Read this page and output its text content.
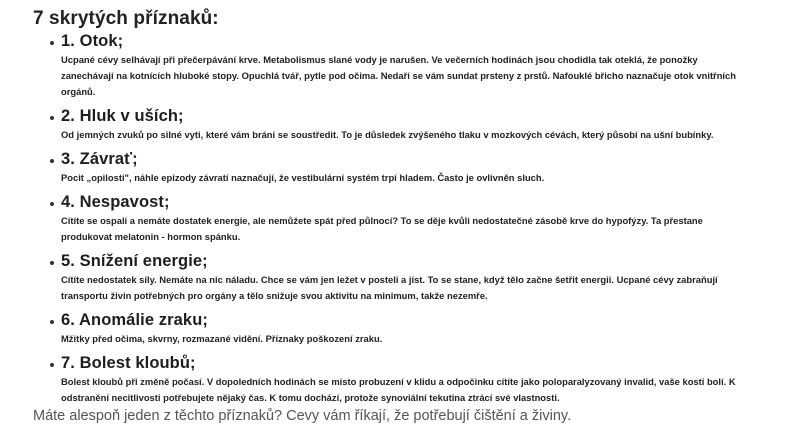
7 skrytých příznaků:
1. Otok;
Ucpané cévy selhávají při přečerpávání krve. Metabolismus slané vody je narušen. Ve večerních hodinách jsou chodidla tak oteklá, že ponožky zanechávají na kotnících hluboké stopy. Opuchlá tvář, pytle pod očima. Nedaří se vám sundat prsteny z prstů. Nafouklé břicho naznačuje otok vnitřních orgánů.
2. Hluk v uších;
Od jemných zvuků po silné vyti, které vám brání se soustředit. To je důsledek zvýšeného tlaku v mozkových cévách, který působí na ušní bubínky.
3. Závrať;
Pocit „opilosti", náhle epizody závratí naznačují, že vestibulární systém trpí hladem. Často je ovlivněn sluch.
4. Nespavost;
Cítíte se ospalí a nemáte dostatek energie, ale nemůžete spát před půlnocí? To se děje kvůli nedostatečné zásobě krve do hypofýzy. Ta přestane produkovat melatonin - hormon spánku.
5. Snížení energie;
Cítíte nedostatek síly. Nemáte na nic náladu. Chce se vám jen ležet v posteli a jíst. To se stane, když tělo začne šetřit energii. Ucpané cévy zabraňují transportu živin potřebných pro orgány a tělo snižuje svou aktivitu na minimum, takže nezemře.
6. Anomálie zraku;
Mžitky před očima, skvrny, rozmazané vidění. Příznaky poškození zraku.
7. Bolest kloubů;
Bolest kloubů při změně počasí. V dopoledních hodinách se místo probuzení v klidu a odpočinku cítíte jako poloparalyzovaný invalid, vaše kosti bolí. K odstranění necitlivosti potřebujete nějaký čas. K tomu dochází, protože synoviální tekutina ztrácí své vlastnosti.

Máte alespoň jeden z těchto příznaků? Cevy vám říkají, že potřebují čištění a živiny.
